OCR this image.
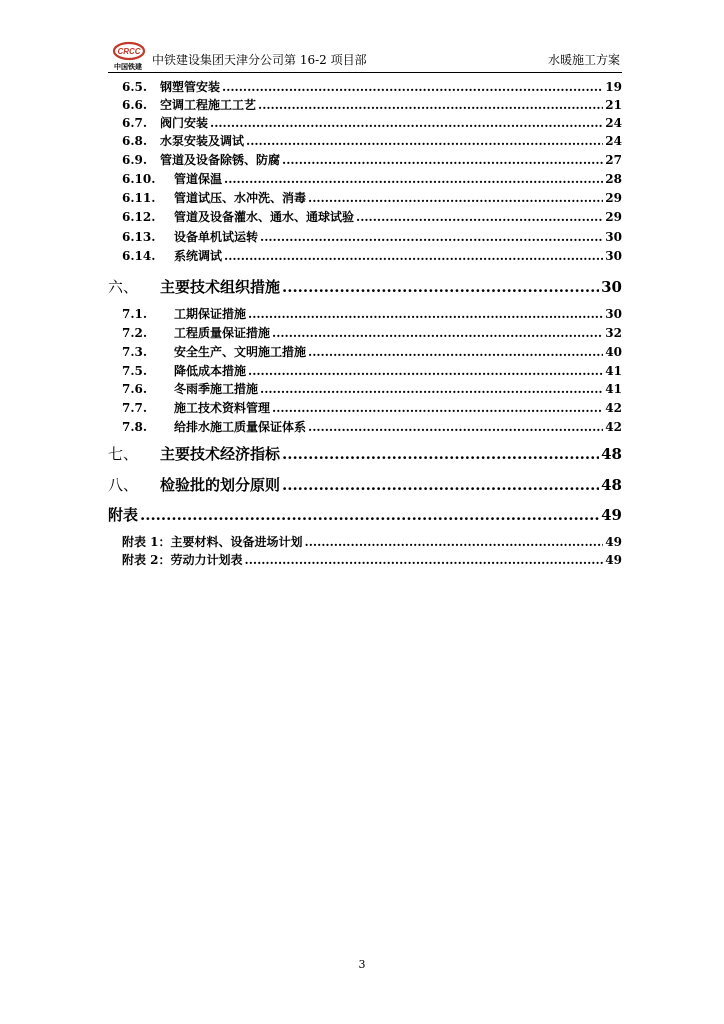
CRCC
中国铁建 中铁建设集团天津分公司第 16-2 项目部	水暖施工方案
6.5.	钢塑管安装 .....	19
6.6.	空调工程施工工艺 .....	21
6.7.	阀门安装 .....	24
6.8.	水泵安装及调试 .....	24
6.9.	管道及设备除锈、防腐 .....	27
6.10.	管道保温 .....	28
6.11.	管道试压、水冲洗、消毒 .....	29
6.12.	管道及设备灌水、通水、通球试验 .....	29
6.13.	设备单机试运转 .....	30
6.14.	系统调试 .....	30
六、	主要技术组织措施 .....	30
7.1.	工期保证措施 .....	30
7.2.	工程质量保证措施 .....	32
7.3.	安全生产、文明施工措施 .....	40
7.5.	降低成本措施 .....	41
7.6.	冬雨季施工措施 .....	41
7.7.	施工技术资料管理 .....	42
7.8.	给排水施工质量保证体系 .....	42
七、	主要技术经济指标 .....	48
八、	检验批的划分原则 .....	48
附表 .....	49
附表 1：主要材料、设备进场计划 .....	49
附表 2：劳动力计划表 .....	49
3
